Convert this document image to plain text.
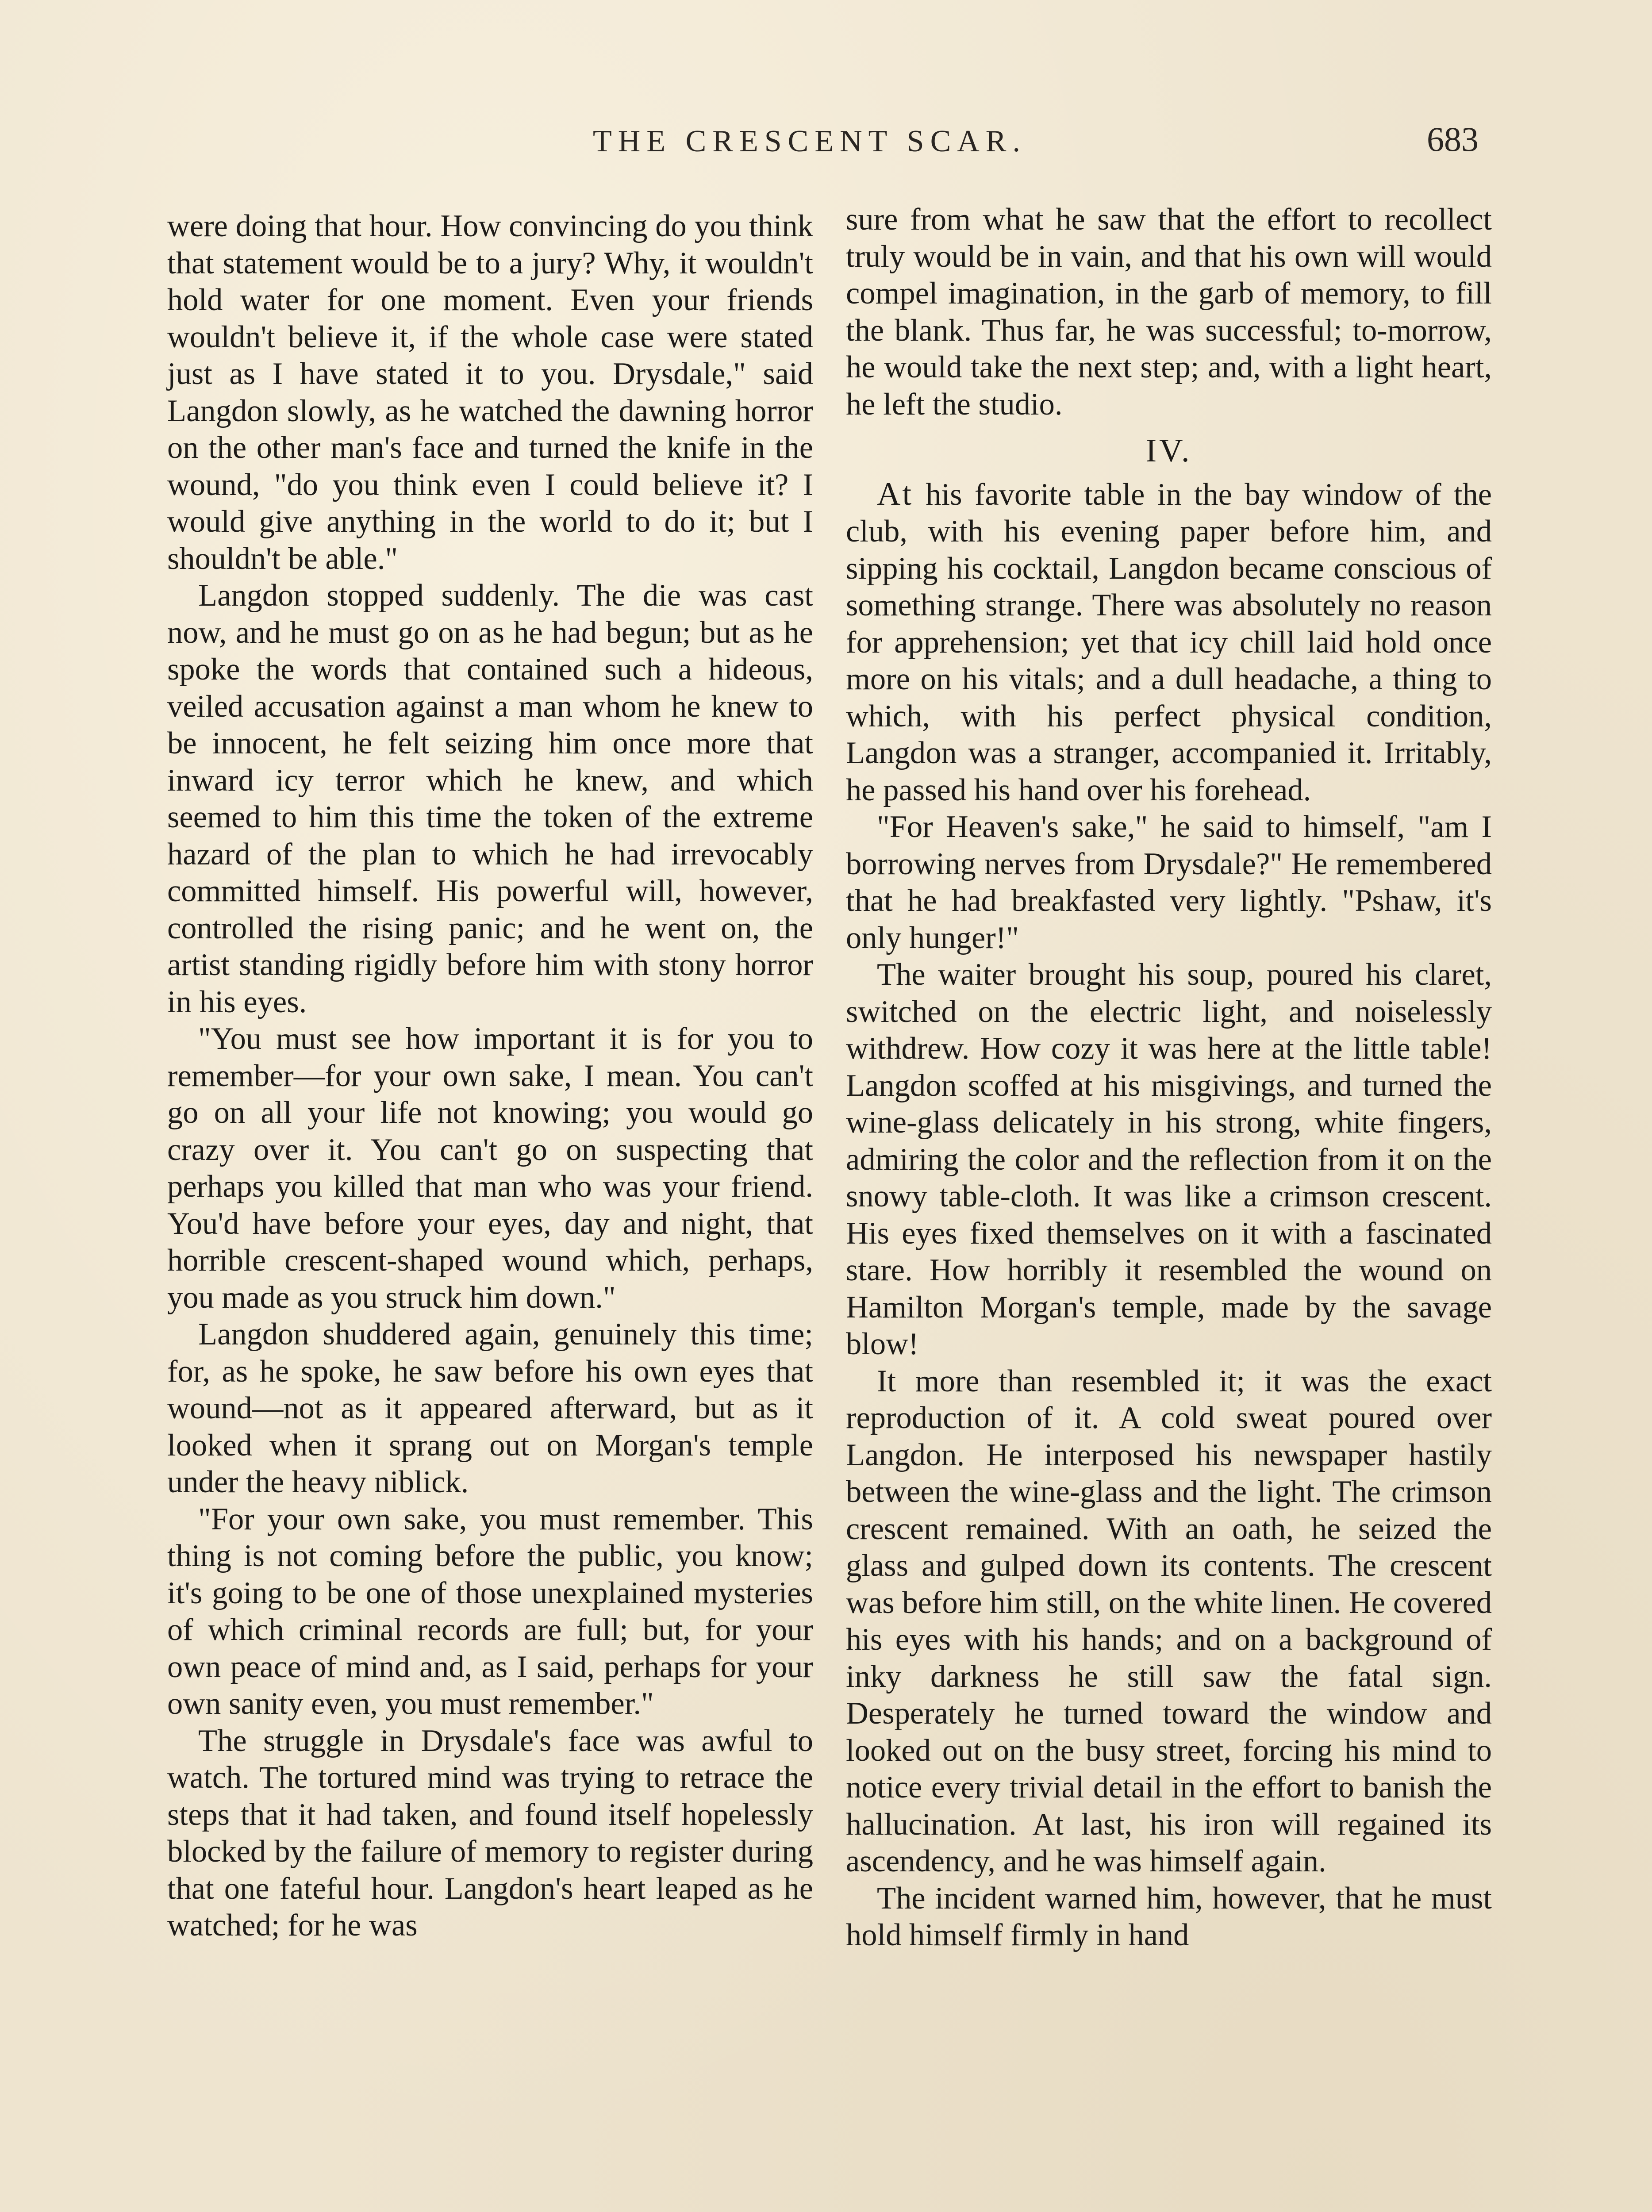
THE CRESCENT SCAR.	683

were doing that hour. How convincing do you think that statement would be to a jury? Why, it wouldn't hold water for one moment. Even your friends wouldn't believe it, if the whole case were stated just as I have stated it to you. Drysdale," said Langdon slowly, as he watched the dawning horror on the other man's face and turned the knife in the wound, "do you think even I could believe it? I would give anything in the world to do it; but I shouldn't be able."

Langdon stopped suddenly. The die was cast now, and he must go on as he had begun; but as he spoke the words that contained such a hideous, veiled accusation against a man whom he knew to be innocent, he felt seizing him once more that inward icy terror which he knew, and which seemed to him this time the token of the extreme hazard of the plan to which he had irrevocably committed himself. His powerful will, however, controlled the rising panic; and he went on, the artist standing rigidly before him with stony horror in his eyes.

"You must see how important it is for you to remember—for your own sake, I mean. You can't go on all your life not knowing; you would go crazy over it. You can't go on suspecting that perhaps you killed that man who was your friend. You'd have before your eyes, day and night, that horrible crescent-shaped wound which, perhaps, you made as you struck him down."

Langdon shuddered again, genuinely this time; for, as he spoke, he saw before his own eyes that wound—not as it appeared afterward, but as it looked when it sprang out on Morgan's temple under the heavy niblick.

"For your own sake, you must remember. This thing is not coming before the public, you know; it's going to be one of those unexplained mysteries of which criminal records are full; but, for your own peace of mind and, as I said, perhaps for your own sanity even, you must remember."

The struggle in Drysdale's face was awful to watch. The tortured mind was trying to retrace the steps that it had taken, and found itself hopelessly blocked by the failure of memory to register during that one fateful hour. Langdon's heart leaped as he watched; for he was

sure from what he saw that the effort to recollect truly would be in vain, and that his own will would compel imagination, in the garb of memory, to fill the blank. Thus far, he was successful; to-morrow, he would take the next step; and, with a light heart, he left the studio.

IV.

At his favorite table in the bay window of the club, with his evening paper before him, and sipping his cocktail, Langdon became conscious of something strange. There was absolutely no reason for apprehension; yet that icy chill laid hold once more on his vitals; and a dull headache, a thing to which, with his perfect physical condition, Langdon was a stranger, accompanied it. Irritably, he passed his hand over his forehead.

"For Heaven's sake," he said to himself, "am I borrowing nerves from Drysdale?" He remembered that he had breakfasted very lightly. "Pshaw, it's only hunger!"

The waiter brought his soup, poured his claret, switched on the electric light, and noiselessly withdrew. How cozy it was here at the little table! Langdon scoffed at his misgivings, and turned the wine-glass delicately in his strong, white fingers, admiring the color and the reflection from it on the snowy table-cloth. It was like a crimson crescent. His eyes fixed themselves on it with a fascinated stare. How horribly it resembled the wound on Hamilton Morgan's temple, made by the savage blow!

It more than resembled it; it was the exact reproduction of it. A cold sweat poured over Langdon. He interposed his newspaper hastily between the wine-glass and the light. The crimson crescent remained. With an oath, he seized the glass and gulped down its contents. The crescent was before him still, on the white linen. He covered his eyes with his hands; and on a background of inky darkness he still saw the fatal sign. Desperately he turned toward the window and looked out on the busy street, forcing his mind to notice every trivial detail in the effort to banish the hallucination. At last, his iron will regained its ascendency, and he was himself again.

The incident warned him, however, that he must hold himself firmly in hand
